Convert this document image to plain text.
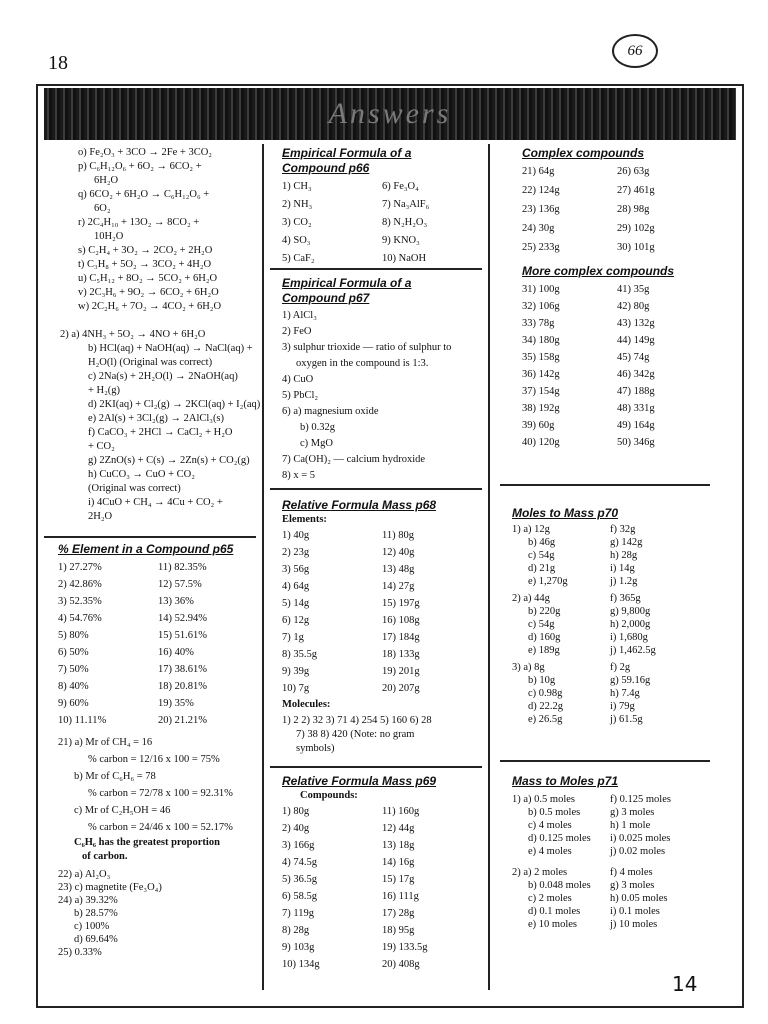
18
66
Answers
o) Fe₂O₃ + 3CO → 2Fe + 3CO₂
p) C₆H₁₂O₆ + 6O₂ → 6CO₂ +
6H₂O
q) 6CO₂ + 6H₂O → C₆H₁₂O₆ +
6O₂
r) 2C₄H₁₀ + 13O₂ → 8CO₂ +
10H₂O
s) C₂H₄ + 3O₂ → 2CO₂ + 2H₂O
t) C₃H₈ + 5O₂ → 3CO₂ + 4H₂O
u) C₅H₁₂ + 8O₂ → 5CO₂ + 6H₂O
v) 2C₃H₆ + 9O₂ → 6CO₂ + 6H₂O
w) 2C₂H₆ + 7O₂ → 4CO₂ + 6H₂O
2) a) 4NH₃ + 5O₂ → 4NO + 6H₂O
b) HCl(aq) + NaOH(aq) → NaCl(aq) +
H₂O(l) (Original was correct)
c) 2Na(s) + 2H₂O(l) → 2NaOH(aq)
+ H₂(g)
d) 2KI(aq) + Cl₂(g) → 2KCl(aq) + I₂(aq)
e) 2Al(s) + 3Cl₂(g) → 2AlCl₃(s)
f) CaCO₃ + 2HCl → CaCl₂ + H₂O
+ CO₂
g) 2ZnO(s) + C(s) → 2Zn(s) + CO₂(g)
h) CuCO₃ → CuO + CO₂
(Original was correct)
i) 4CuO + CH₄ → 4Cu + CO₂ +
2H₂O
% Element in a Compound p65
1) 27.27%	11) 82.35%
2) 42.86%	12) 57.5%
3) 52.35%	13) 36%
4) 54.76%	14) 52.94%
5) 80%	15) 51.61%
6) 50%	16) 40%
7) 50%	17) 38.61%
8) 40%	18) 20.81%
9) 60%	19) 35%
10) 11.11%	20) 21.21%
21) a) Mr of CH₄ = 16
% carbon = 12/16 x 100 = 75%
b) Mr of C₆H₆ = 78
% carbon = 72/78 x 100 = 92.31%
c) Mr of C₂H₅OH = 46
% carbon = 24/46 x 100 = 52.17%
C₆H₆ has the greatest proportion
of carbon.
22) a) Al₂O₃
23) c) magnetite (Fe₃O₄)
24) a) 39.32%
b) 28.57%
c) 100%
d) 69.64%
25) 0.33%
Empirical Formula of a
Compound p66
1) CH₃	6) Fe₃O₄
2) NH₃	7) Na₃AlF₆
3) CO₂	8) N₂H₂O₃
4) SO₃	9) KNO₃
5) CaF₂	10) NaOH
Empirical Formula of a
Compound p67
1) AlCl₃
2) FeO
3) sulphur trioxide — ratio of sulphur to
oxygen in the compound is 1:3.
4) CuO
5) PbCl₂
6) a) magnesium oxide
b) 0.32g
c) MgO
7) Ca(OH)₂ — calcium hydroxide
8) x = 5
Relative Formula Mass p68
Elements:
1) 40g	11) 80g
2) 23g	12) 40g
3) 56g	13) 48g
4) 64g	14) 27g
5) 14g	15) 197g
6) 12g	16) 108g
7) 1g	17) 184g
8) 35.5g	18) 133g
9) 39g	19) 201g
10) 7g	20) 207g
Molecules:
1) 2 2) 32 3) 71 4) 254 5) 160 6) 28
7) 38 8) 420 (Note: no gram
symbols)
Relative Formula Mass p69
Compounds:
1) 80g	11) 160g
2) 40g	12) 44g
3) 166g	13) 18g
4) 74.5g	14) 16g
5) 36.5g	15) 17g
6) 58.5g	16) 111g
7) 119g	17) 28g
8) 28g	18) 95g
9) 103g	19) 133.5g
10) 134g	20) 408g
Complex compounds
21) 64g	26) 63g
22) 124g	27) 461g
23) 136g	28) 98g
24) 30g	29) 102g
25) 233g	30) 101g
More complex compounds
31) 100g	41) 35g
32) 106g	42) 80g
33) 78g	43) 132g
34) 180g	44) 149g
35) 158g	45) 74g
36) 142g	46) 342g
37) 154g	47) 188g
38) 192g	48) 331g
39) 60g	49) 164g
40) 120g	50) 346g
Moles to Mass p70
1) a) 12g	f) 32g
b) 46g	g) 142g
c) 54g	h) 28g
d) 21g	i) 14g
e) 1,270g	j) 1.2g
2) a) 44g	f) 365g
b) 220g	g) 9,800g
c) 54g	h) 2,000g
d) 160g	i) 1,680g
e) 189g	j) 1,462.5g
3) a) 8g	f) 2g
b) 10g	g) 59.16g
c) 0.98g	h) 7.4g
d) 22.2g	i) 79g
e) 26.5g	j) 61.5g
Mass to Moles p71
1) a) 0.5 moles	f) 0.125 moles
b) 0.5 moles	g) 3 moles
c) 4 moles	h) 1 mole
d) 0.125 moles	i) 0.025 moles
e) 4 moles	j) 0.02 moles
2) a) 2 moles	f) 4 moles
b) 0.048 moles	g) 3 moles
c) 2 moles	h) 0.05 moles
d) 0.1 moles	i) 0.1 moles
e) 10 moles	j) 10 moles
14
